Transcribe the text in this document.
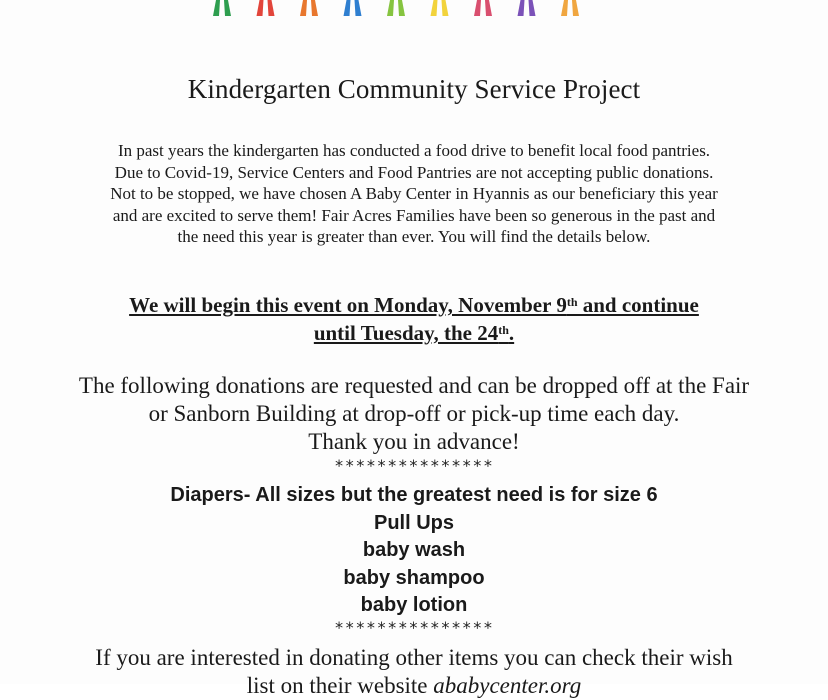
Kindergarten Community Service Project
In past years the kindergarten has conducted a food drive to benefit local food pantries.
Due to Covid-19, Service Centers and Food Pantries are not accepting public donations.
Not to be stopped, we have chosen A Baby Center in Hyannis as our beneficiary this year
and are excited to serve them! Fair Acres Families have been so generous in the past and
the need this year is greater than ever. You will find the details below.
We will begin this event on Monday, November 9th and continue
until Tuesday, the 24th.
The following donations are requested and can be dropped off at the Fair
or Sanborn Building at drop-off or pick-up time each day.
Thank you in advance!
***************
Diapers- All sizes but the greatest need is for size 6
Pull Ups
baby wash
baby shampoo
baby lotion
***************
If you are interested in donating other items you can check their wish
list on their website ababycenter.org
